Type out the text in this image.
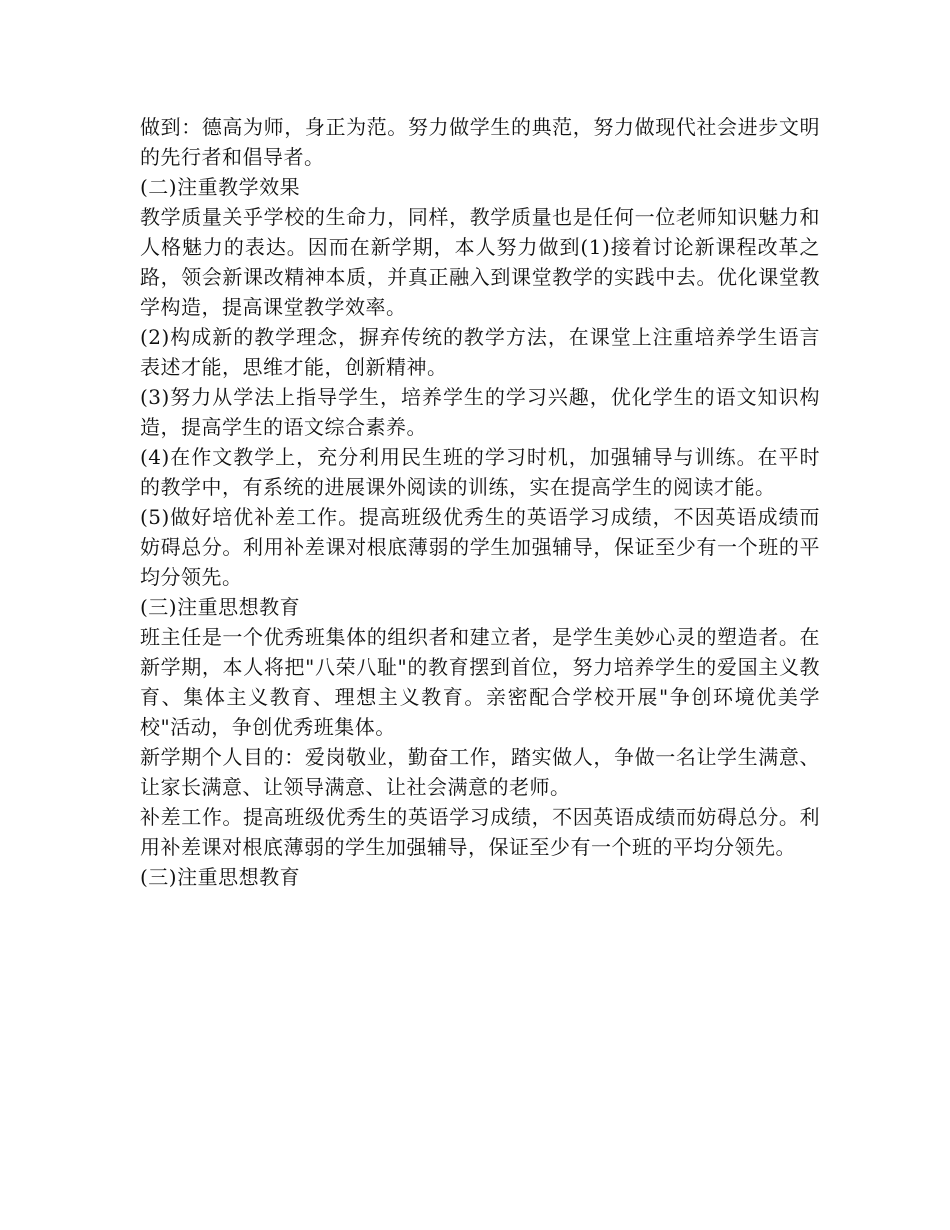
做到：德高为师，身正为范。努力做学生的典范，努力做现代社会进步文明的先行者和倡导者。

(二)注重教学效果

教学质量关乎学校的生命力，同样，教学质量也是任何一位老师知识魅力和人格魅力的表达。因而在新学期，本人努力做到(1)接着讨论新课程改革之路，领会新课改精神本质，并真正融入到课堂教学的实践中去。优化课堂教学构造，提高课堂教学效率。

(2)构成新的教学理念，摒弃传统的教学方法，在课堂上注重培养学生语言表述才能，思维才能，创新精神。

(3)努力从学法上指导学生，培养学生的学习兴趣，优化学生的语文知识构造，提高学生的语文综合素养。

(4)在作文教学上，充分利用民生班的学习时机，加强辅导与训练。在平时的教学中，有系统的进展课外阅读的训练，实在提高学生的阅读才能。

(5)做好培优补差工作。提高班级优秀生的英语学习成绩，不因英语成绩而妨碍总分。利用补差课对根底薄弱的学生加强辅导，保证至少有一个班的平均分领先。

(三)注重思想教育

班主任是一个优秀班集体的组织者和建立者，是学生美妙心灵的塑造者。在新学期，本人将把"八荣八耻"的教育摆到首位，努力培养学生的爱国主义教育、集体主义教育、理想主义教育。亲密配合学校开展"争创环境优美学校"活动，争创优秀班集体。

新学期个人目的：爱岗敬业，勤奋工作，踏实做人，争做一名让学生满意、让家长满意、让领导满意、让社会满意的老师。

补差工作。提高班级优秀生的英语学习成绩，不因英语成绩而妨碍总分。利用补差课对根底薄弱的学生加强辅导，保证至少有一个班的平均分领先。

(三)注重思想教育
